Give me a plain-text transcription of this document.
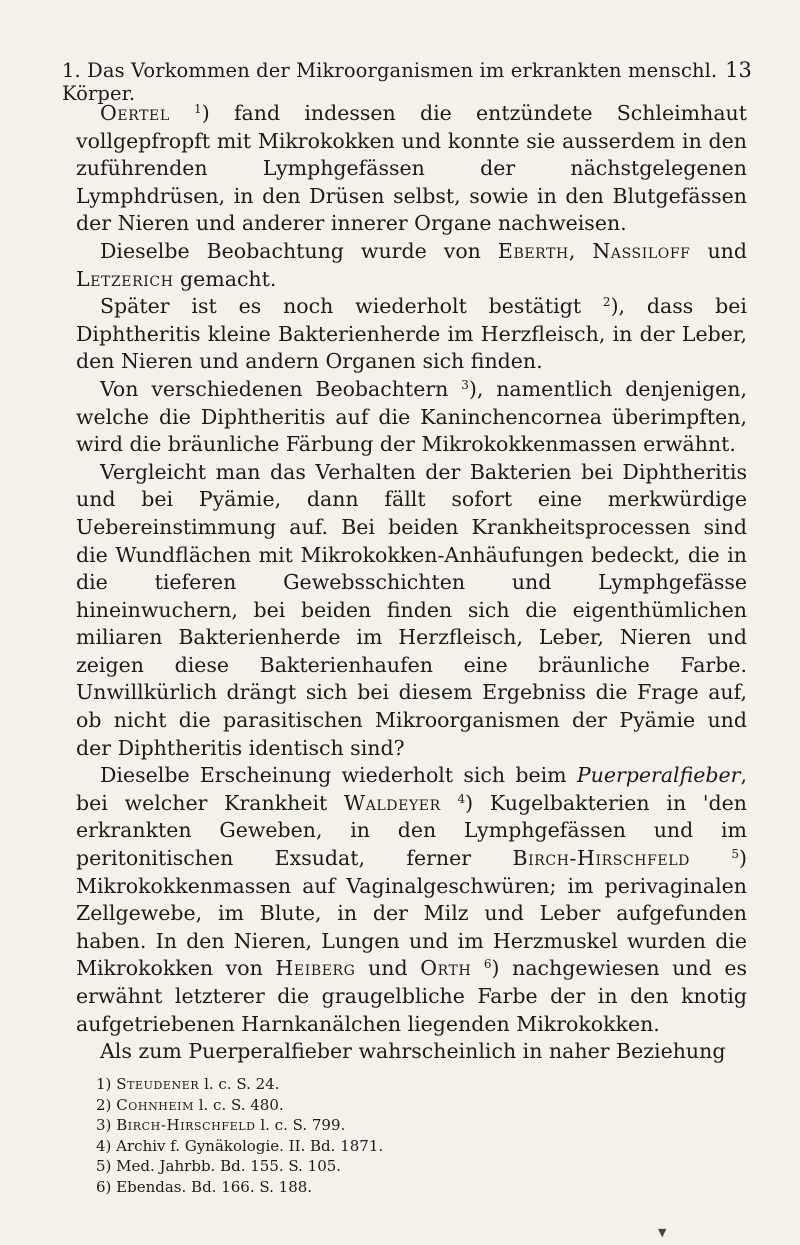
1. Das Vorkommen der Mikroorganismen im erkrankten menschl. Körper.
13

Oertel $^1$) fand indessen die entzündete Schleimhaut vollgepfropft mit Mikrokokken und konnte sie ausserdem in den zuführenden Lymphgefässen der nächstgelegenen Lymphdrüsen, in den Drüsen selbst, sowie in den Blutgefässen der Nieren und anderer innerer Organe nachweisen.

Dieselbe Beobachtung wurde von Eberth, Nassiloff und Letzerich gemacht.

Später ist es noch wiederholt bestätigt $^2$), dass bei Diphtheritis kleine Bakterienherde im Herzfleisch, in der Leber, den Nieren und andern Organen sich finden.

Von verschiedenen Beobachtern $^3$), namentlich denjenigen, welche die Diphtheritis auf die Kaninchencornea überimpften, wird die bräunliche Färbung der Mikrokokkenmassen erwähnt.

Vergleicht man das Verhalten der Bakterien bei Diphtheritis und bei Pyämie, dann fällt sofort eine merkwürdige Uebereinstimmung auf. Bei beiden Krankheitsprocessen sind die Wundflächen mit Mikrokokken-Anhäufungen bedeckt, die in die tieferen Gewebsschichten und Lymphgefässe hineinwuchern, bei beiden finden sich die eigenthümlichen miliaren Bakterienherde im Herzfleisch, Leber, Nieren und zeigen diese Bakterienhaufen eine bräunliche Farbe. Unwillkürlich drängt sich bei diesem Ergebniss die Frage auf, ob nicht die parasitischen Mikroorganismen der Pyämie und der Diphtheritis identisch sind?

Dieselbe Erscheinung wiederholt sich beim Puerperalfieber, bei welcher Krankheit Waldeyer $^4$) Kugelbakterien in 'den erkrankten Geweben, in den Lymphgefässen und im peritonitischen Exsudat, ferner Birch-Hirschfeld	$^5$) Mikrokokkenmassen auf Vaginalgeschwüren; im perivaginalen Zellgewebe, im Blute, in der Milz und Leber aufgefunden haben. In den Nieren, Lungen und im Herzmuskel wurden die Mikrokokken von Heiberg und Orth $^6$) nachgewiesen und es erwähnt letzterer die graugelbliche Farbe der in den knotig aufgetriebenen Harnkanälchen liegenden Mikrokokken.

Als zum Puerperalfieber wahrscheinlich in naher Beziehung

1) Steudener l. c. S. 24.
2) Cohnheim l. c. S. 480.
3) Birch-Hirschfeld l. c. S. 799.
4) Archiv f. Gynäkologie. II. Bd. 1871.
5) Med. Jahrbb. Bd. 155. S. 105.
6) Ebendas. Bd. 166. S. 188.
▼
